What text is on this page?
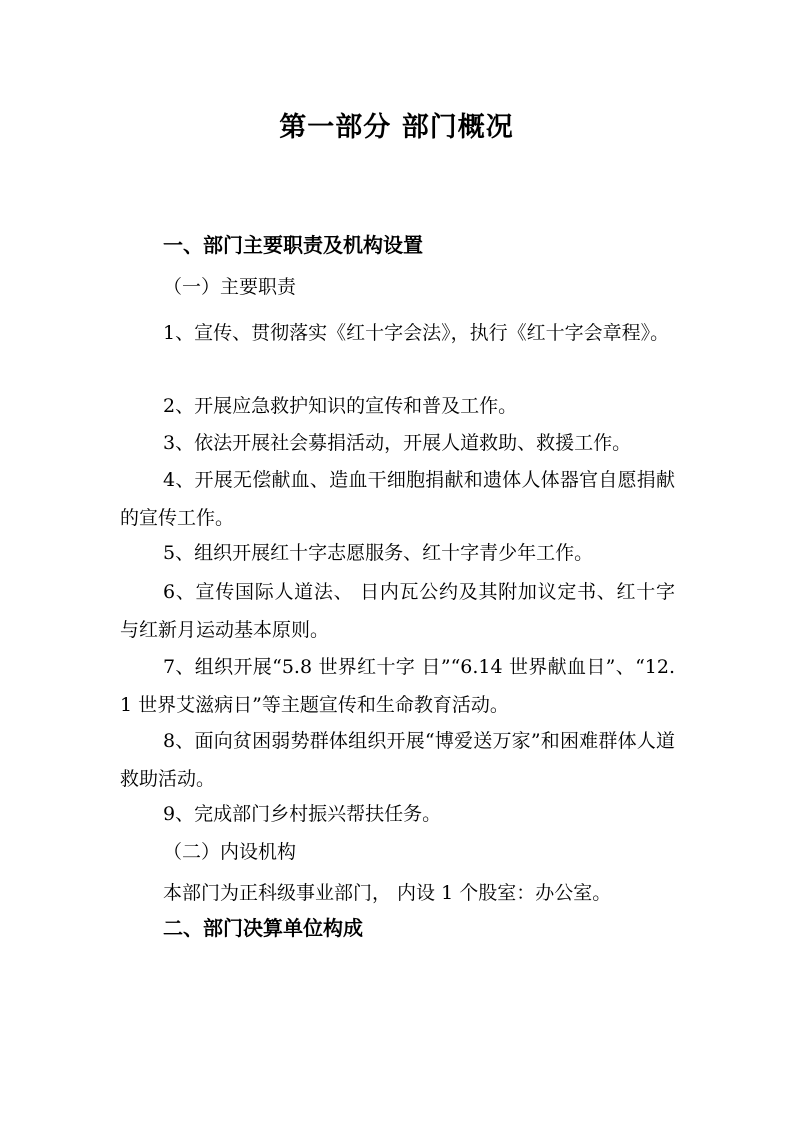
第一部分 部门概况
一、部门主要职责及机构设置
（一）主要职责
1、宣传、贯彻落实《红十字会法》，执行《红十字会章程》。
2、开展应急救护知识的宣传和普及工作。
3、依法开展社会募捐活动，开展人道救助、救援工作。
4、开展无偿献血、造血干细胞捐献和遗体人体器官自愿捐献的宣传工作。
5、组织开展红十字志愿服务、红十字青少年工作。
6、宣传国际人道法、 日内瓦公约及其附加议定书、红十字与红新月运动基本原则。
7、组织开展“5.8 世界红十字 日”“6.14 世界献血日”、“12.1 世界艾滋病日”等主题宣传和生命教育活动。
8、面向贫困弱势群体组织开展“博爱送万家”和困难群体人道救助活动。
9、完成部门乡村振兴帮扶任务。
（二）内设机构
本部门为正科级事业部门， 内设 1 个股室：办公室。
二、部门决算单位构成
